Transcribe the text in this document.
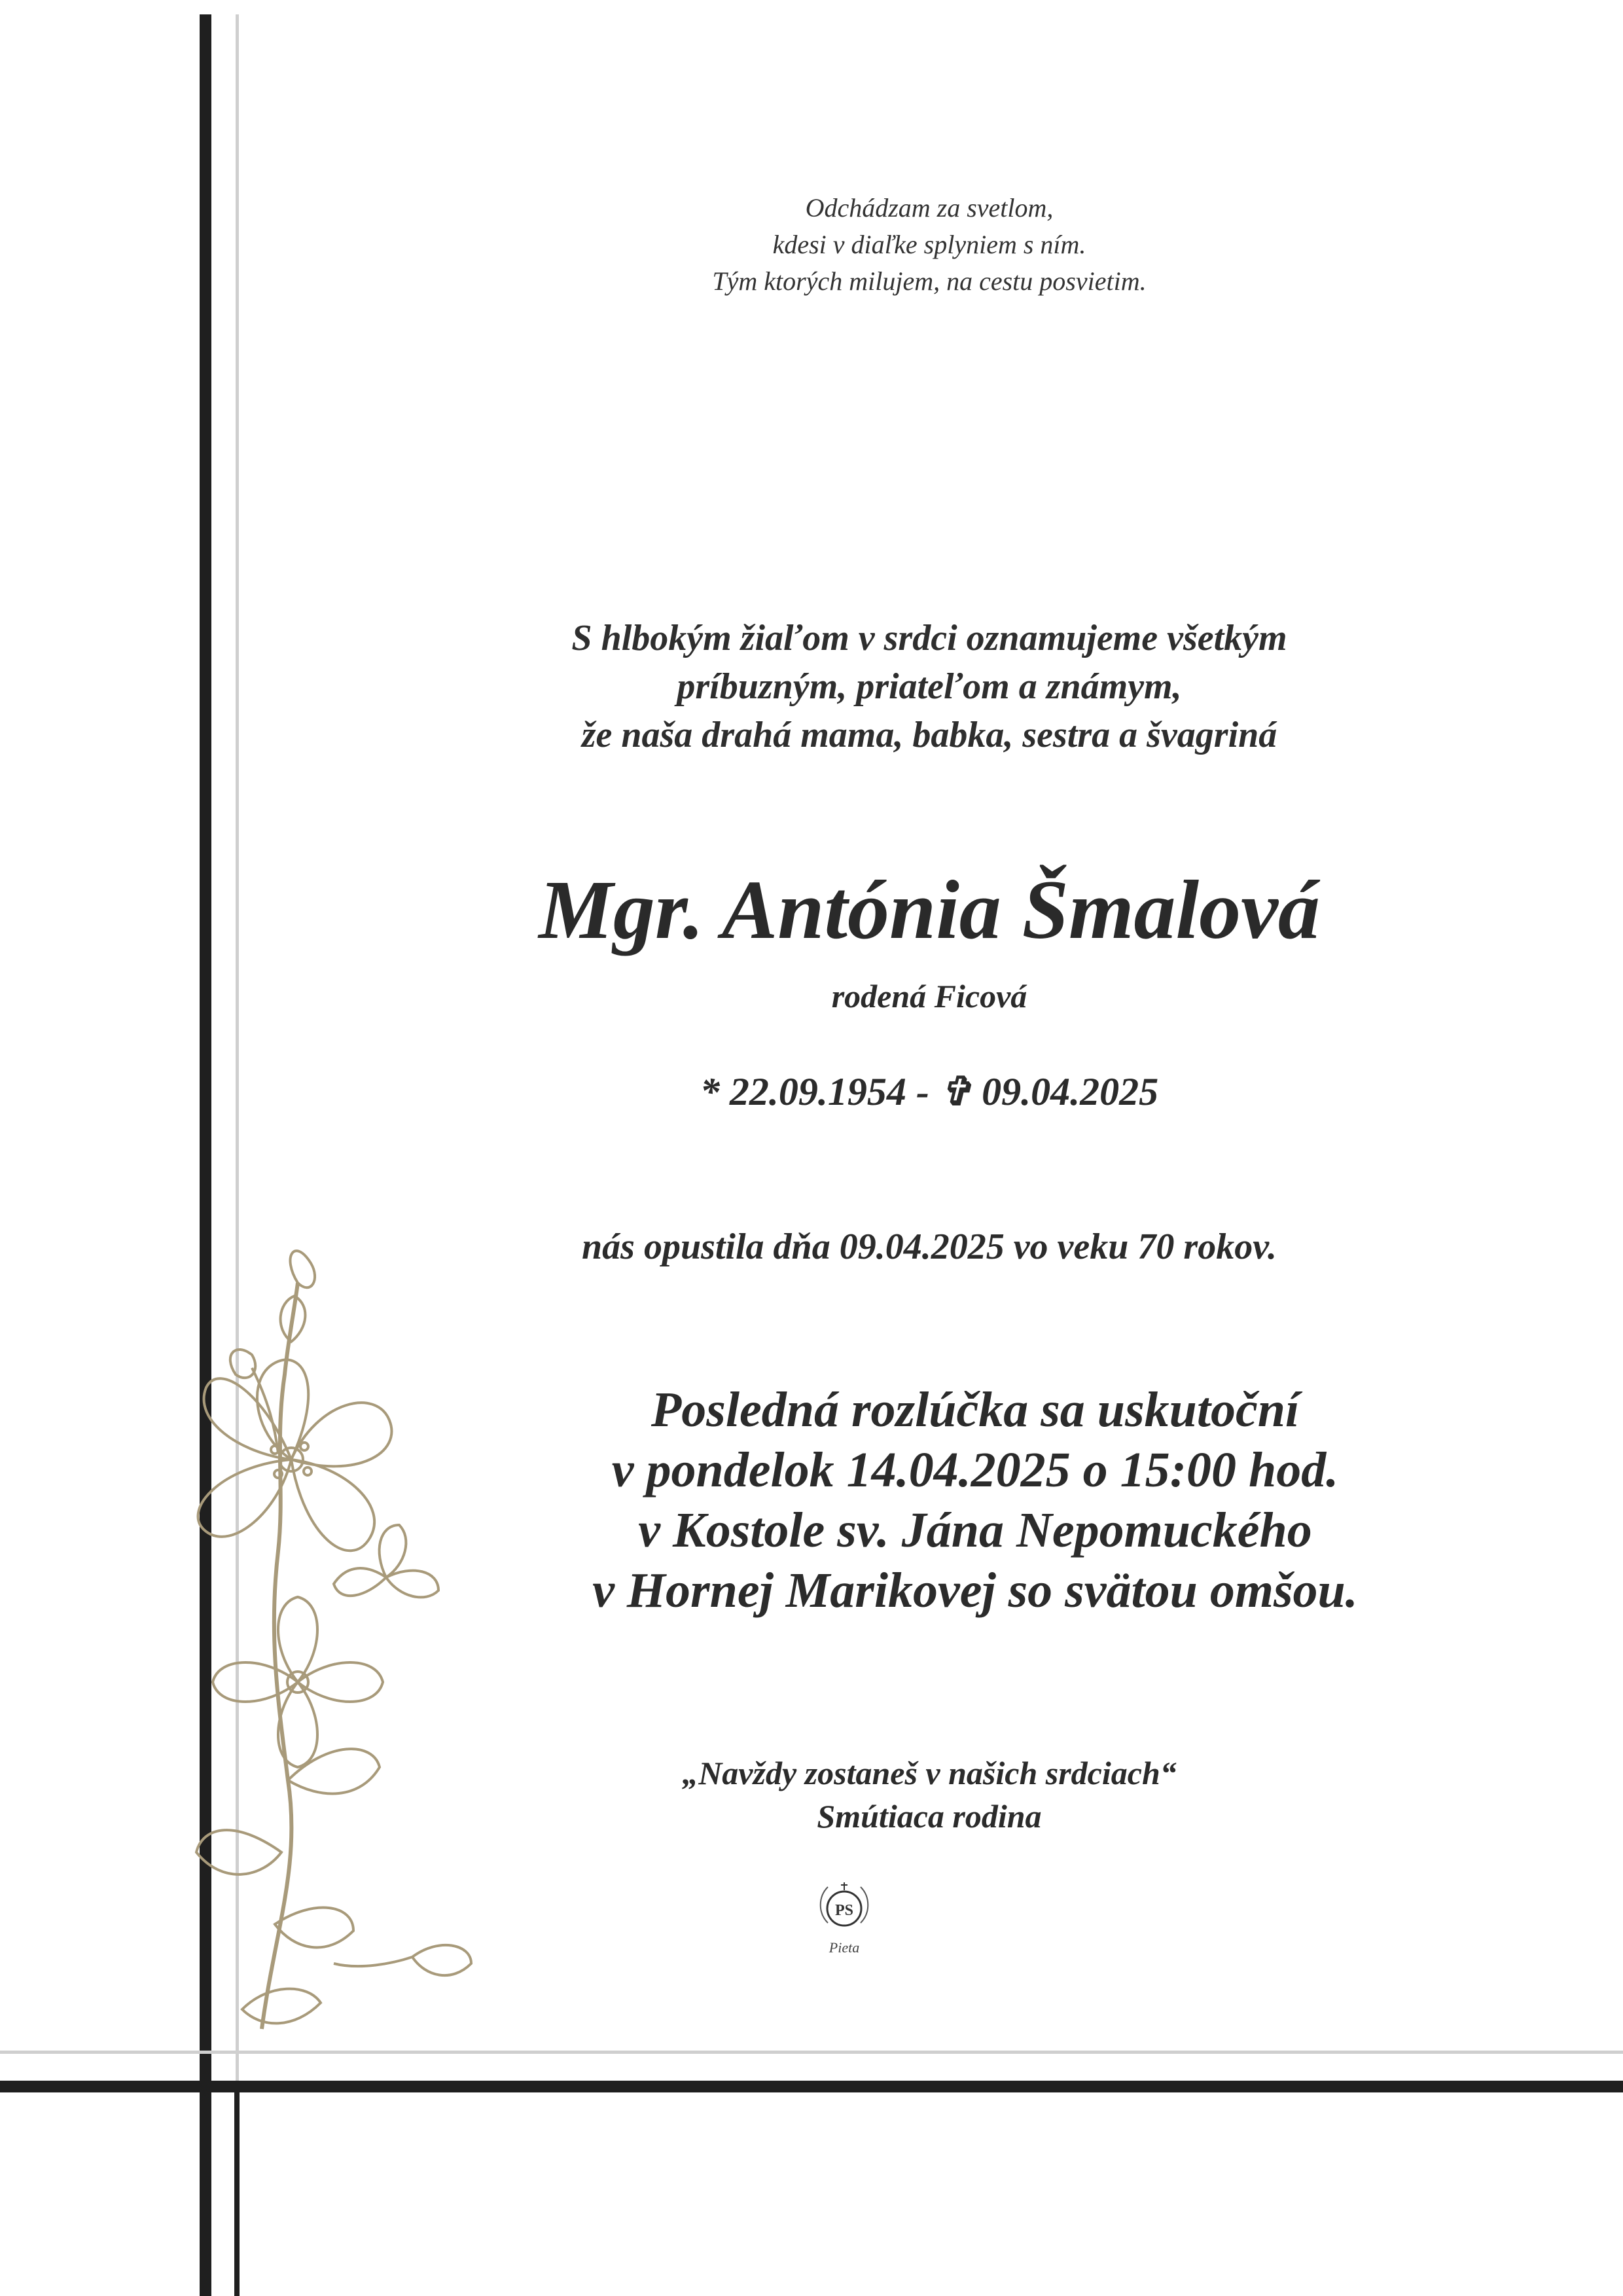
Odchádzam za svetlom,
kdesi v diaľke splyniem s ním.
Tým ktorých milujem, na cestu posvietim.
S hlbokým žiaľom v srdci oznamujeme všetkým
príbuzným, priateľom a známym,
že naša drahá mama, babka, sestra a švagriná
Mgr. Antónia Šmalová
rodená Ficová
* 22.09.1954 - ✞ 09.04.2025
nás opustila dňa 09.04.2025 vo veku 70 rokov.
Posledná rozlúčka sa uskutoční
v pondelok 14.04.2025 o 15:00 hod.
v Kostole sv. Jána Nepomuckého
v Hornej Marikovej so svätou omšou.
„Navždy zostaneš v našich srdciach“
Smútiaca rodina
PS
Pieta
